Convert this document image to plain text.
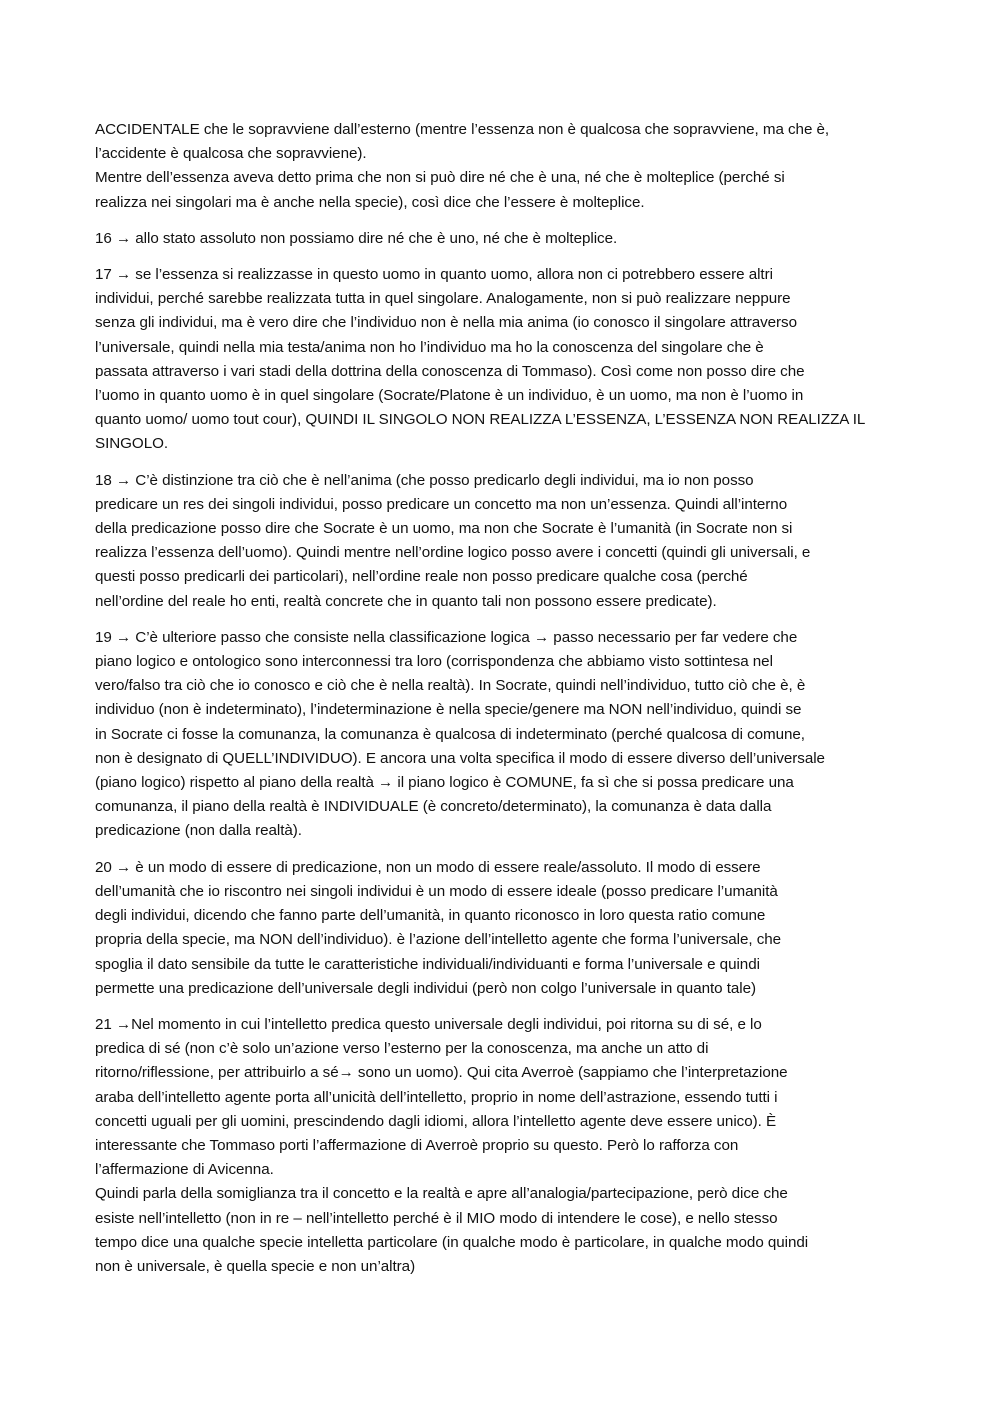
ACCIDENTALE che le sopravviene dall’esterno (mentre l’essenza non è qualcosa che sopravviene, ma che è,
l’accidente è qualcosa che sopravviene).
Mentre dell’essenza aveva detto prima che non si può dire né che è una, né che è molteplice (perché si
realizza nei singolari ma è anche nella specie), così dice che l’essere è molteplice.

16 → allo stato assoluto non possiamo dire né che è uno, né che è molteplice.

17 → se l’essenza si realizzasse in questo uomo in quanto uomo, allora non ci potrebbero essere altri
individui, perché sarebbe realizzata tutta in quel singolare. Analogamente, non si può realizzare neppure
senza gli individui, ma è vero dire che l’individuo non è nella mia anima (io conosco il singolare attraverso
l’universale, quindi nella mia testa/anima non ho l’individuo ma ho la conoscenza del singolare che è
passata attraverso i vari stadi della dottrina della conoscenza di Tommaso). Così come non posso dire che
l’uomo in quanto uomo è in quel singolare (Socrate/Platone è un individuo, è un uomo, ma non è l’uomo in
quanto uomo/ uomo tout cour), QUINDI IL SINGOLO NON REALIZZA L’ESSENZA, L’ESSENZA NON REALIZZA IL
SINGOLO.

18 → C’è distinzione tra ciò che è nell’anima (che posso predicarlo degli individui, ma io non posso
predicare un res dei singoli individui, posso predicare un concetto ma non un’essenza. Quindi all’interno
della predicazione posso dire che Socrate è un uomo, ma non che Socrate è l’umanità (in Socrate non si
realizza l’essenza dell’uomo). Quindi mentre nell’ordine logico posso avere i concetti (quindi gli universali, e
questi posso predicarli dei particolari), nell’ordine reale non posso predicare qualche cosa (perché
nell’ordine del reale ho enti, realtà concrete che in quanto tali non possono essere predicate).

19 → C’è ulteriore passo che consiste nella classificazione logica → passo necessario per far vedere che
piano logico e ontologico sono interconnessi tra loro (corrispondenza che abbiamo visto sottintesa nel
vero/falso tra ciò che io conosco e ciò che è nella realtà). In Socrate, quindi nell’individuo, tutto ciò che è, è
individuo (non è indeterminato), l’indeterminazione è nella specie/genere ma NON nell’individuo, quindi se
in Socrate ci fosse la comunanza, la comunanza è qualcosa di indeterminato (perché qualcosa di comune,
non è designato di QUELL’INDIVIDUO). E ancora una volta specifica il modo di essere diverso dell’universale
(piano logico) rispetto al piano della realtà → il piano logico è COMUNE, fa sì che si possa predicare una
comunanza, il piano della realtà è INDIVIDUALE (è concreto/determinato), la comunanza è data dalla
predicazione (non dalla realtà).

20 → è un modo di essere di predicazione, non un modo di essere reale/assoluto. Il modo di essere
dell’umanità che io riscontro nei singoli individui è un modo di essere ideale (posso predicare l’umanità
degli individui, dicendo che fanno parte dell’umanità, in quanto riconosco in loro questa ratio comune
propria della specie, ma NON dell’individuo). è l’azione dell’intelletto agente che forma l’universale, che
spoglia il dato sensibile da tutte le caratteristiche individuali/individuanti e forma l’universale e quindi
permette una predicazione dell’universale degli individui (però non colgo l’universale in quanto tale)

21 →Nel momento in cui l’intelletto predica questo universale degli individui, poi ritorna su di sé, e lo
predica di sé (non c’è solo un’azione verso l’esterno per la conoscenza, ma anche un atto di
ritorno/riflessione, per attribuirlo a sé→ sono un uomo). Qui cita Averroè (sappiamo che l’interpretazione
araba dell’intelletto agente porta all’unicità dell’intelletto, proprio in nome dell’astrazione, essendo tutti i
concetti uguali per gli uomini, prescindendo dagli idiomi, allora l’intelletto agente deve essere unico). È
interessante che Tommaso porti l’affermazione di Averroè proprio su questo. Però lo rafforza con
l’affermazione di Avicenna.
Quindi parla della somiglianza tra il concetto e la realtà e apre all’analogia/partecipazione, però dice che
esiste nell’intelletto (non in re – nell’intelletto perché è il MIO modo di intendere le cose), e nello stesso
tempo dice una qualche specie intelletta particolare (in qualche modo è particolare, in qualche modo quindi
non è universale, è quella specie e non un’altra)
